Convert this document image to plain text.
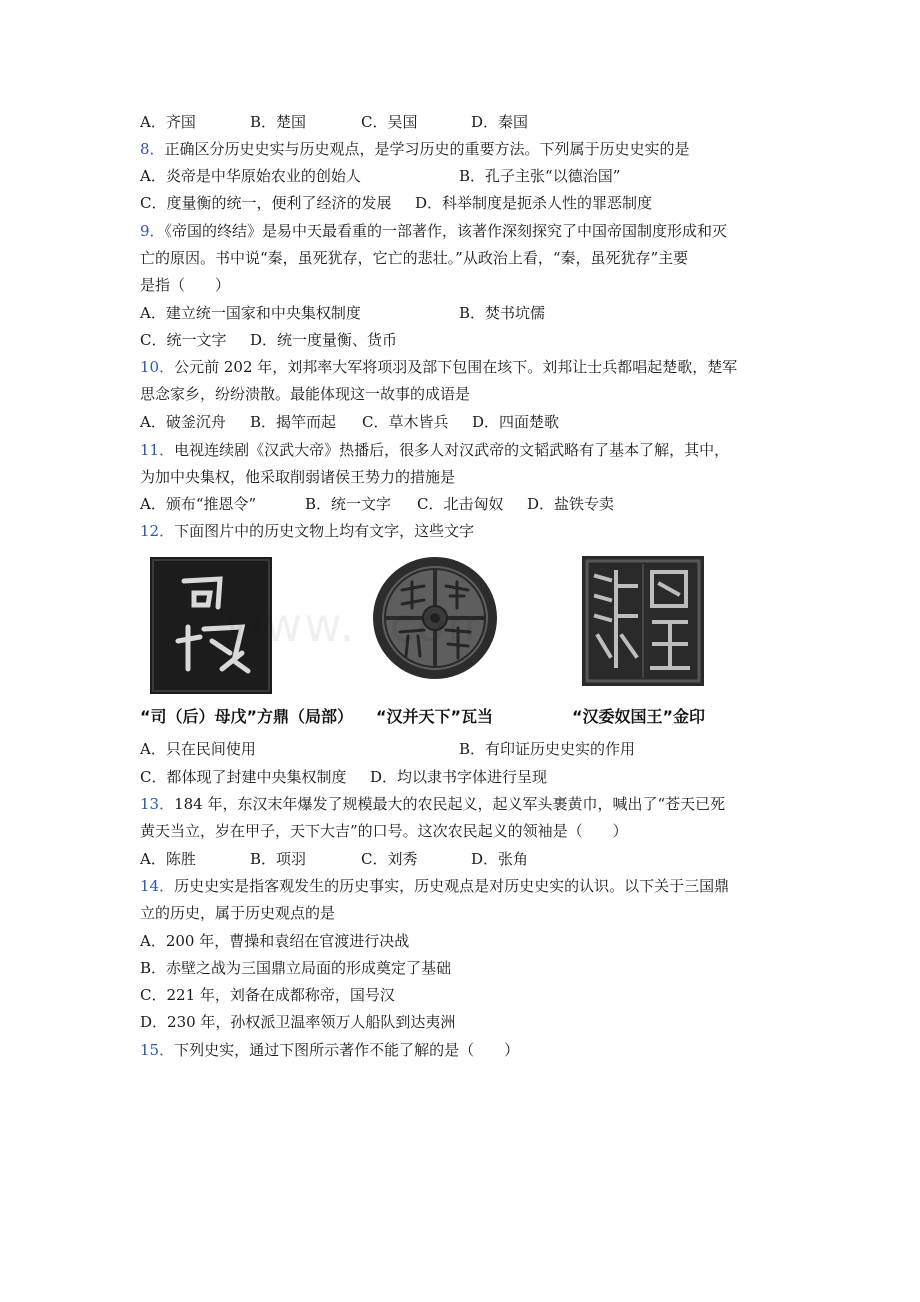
A．齐国	B．楚国	C．吴国	D．秦国
8．正确区分历史史实与历史观点，是学习历史的重要方法。下列属于历史史实的是
A．炎帝是中华原始农业的创始人	B．孔子主张“以德治国”
C．度量衡的统一，便利了经济的发展 D．科举制度是扼杀人性的罪恶制度
9．《帝国的终结》是易中天最看重的一部著作，该著作深刻探究了中国帝国制度形成和灭
亡的原因。书中说“秦，虽死犹存，它亡的悲壮。”从政治上看，“秦，虽死犹存”主要
是指（　　）
A．建立统一国家和中央集权制度	B．焚书坑儒
C．统一文字 D．统一度量衡、货币
10．公元前 202 年，刘邦率大军将项羽及部下包围在垓下。刘邦让士兵都唱起楚歌，楚军
思念家乡，纷纷溃散。最能体现这一故事的成语是
A．破釜沉舟 B．揭竿而起 C．草木皆兵 D．四面楚歌
11．电视连续剧《汉武大帝》热播后，很多人对汉武帝的文韬武略有了基本了解，其中，
为加中央集权，他采取削弱诸侯王势力的措施是
A．颁布“推恩令”	B．统一文字 C．北击匈奴 D．盐铁专卖
12．下面图片中的历史文物上均有文字，这些文字
www. .com
“司（后）母戊”方鼎（局部） “汉并天下”瓦当	“汉委奴国王”金印
A．只在民间使用	B．有印证历史史实的作用
C．都体现了封建中央集权制度 D．均以隶书字体进行呈现
13．184 年，东汉末年爆发了规模最大的农民起义，起义军头裹黄巾，喊出了“苍天已死
黄天当立，岁在甲子，天下大吉”的口号。这次农民起义的领袖是（　　）
A．陈胜	B．项羽	C．刘秀	D．张角
14．历史史实是指客观发生的历史事实，历史观点是对历史史实的认识。以下关于三国鼎
立的历史，属于历史观点的是
A．200 年，曹操和袁绍在官渡进行决战
B．赤壁之战为三国鼎立局面的形成奠定了基础
C．221 年，刘备在成都称帝，国号汉
D．230 年，孙权派卫温率领万人船队到达夷洲
15．下列史实，通过下图所示著作不能了解的是（　　）
